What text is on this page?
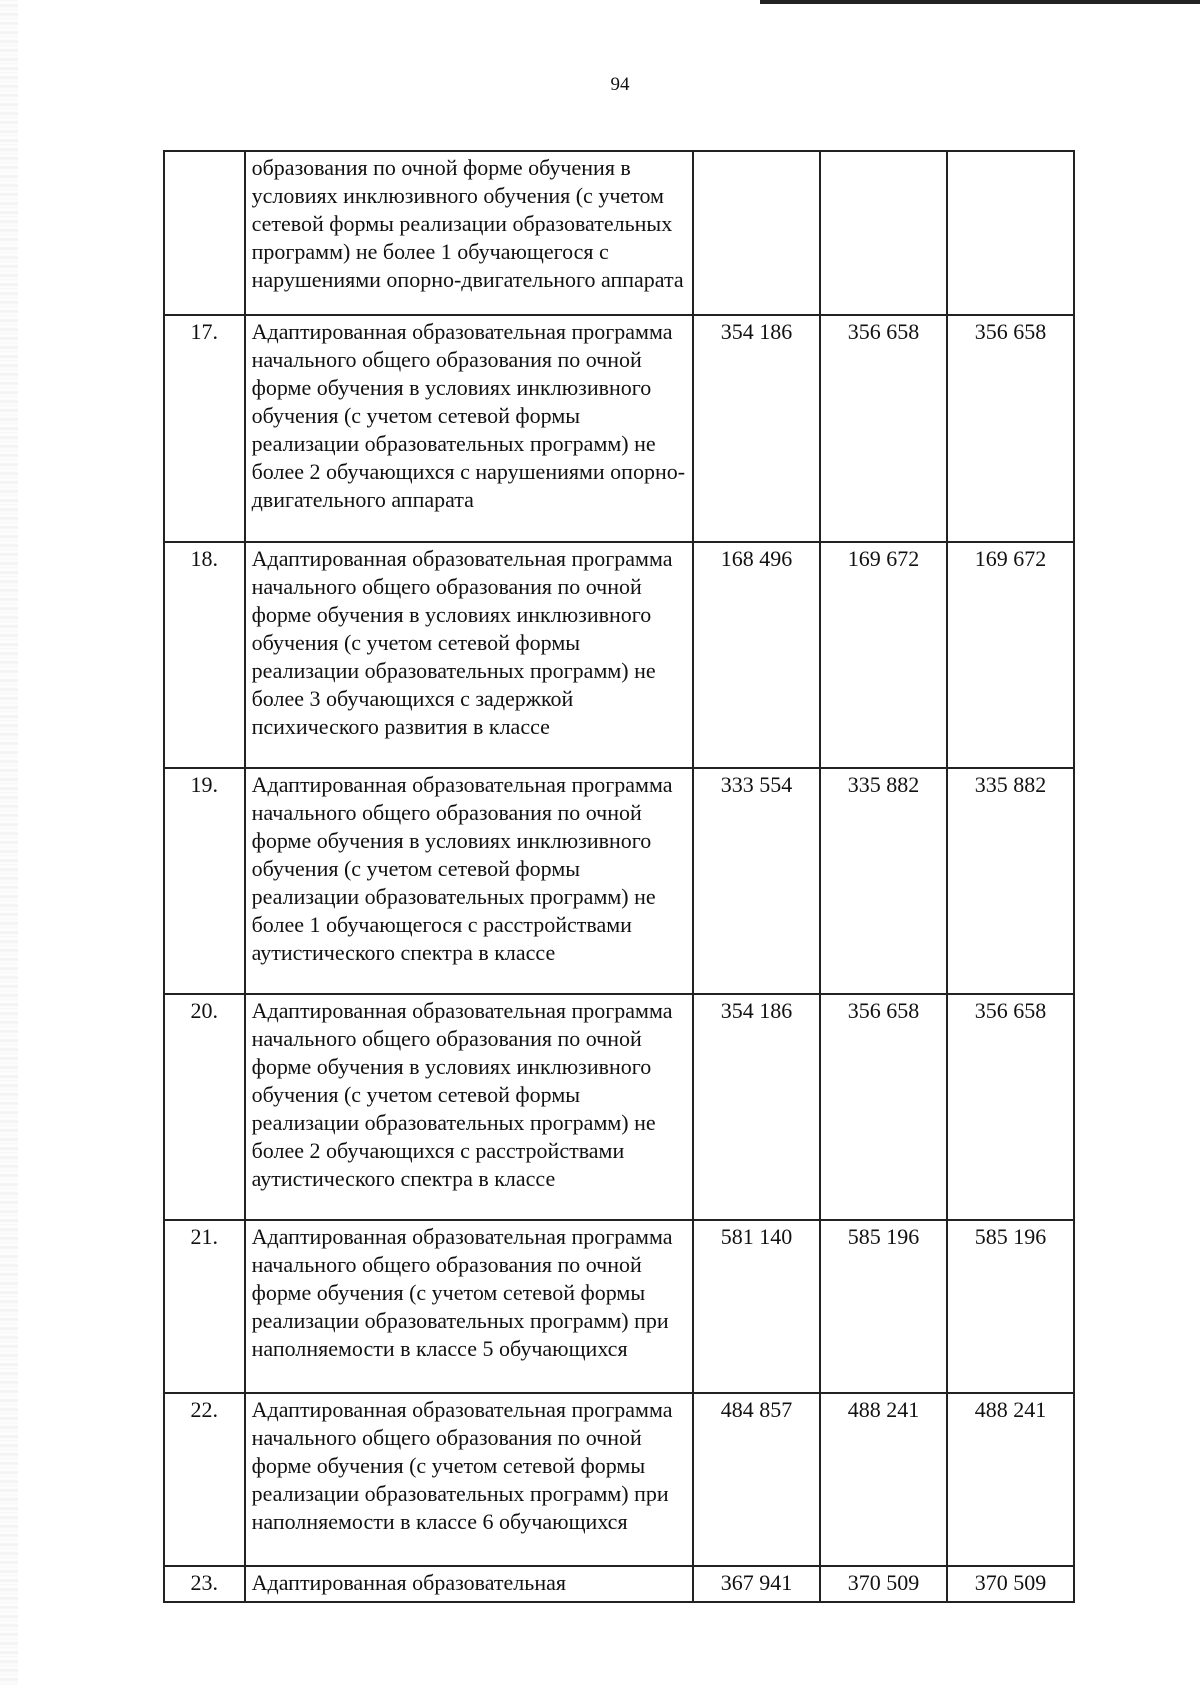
94
	образования по очной форме обучения в условиях инклюзивного обучения (с учетом сетевой формы реализации образовательных программ) не более 1 обучающегося с нарушениями опорно-двигательного аппарата			
17.	Адаптированная образовательная программа начального общего образования по очной форме обучения в условиях инклюзивного обучения (с учетом сетевой формы реализации образовательных программ) не более 2 обучающихся с нарушениями опорно-двигательного аппарата	354 186	356 658	356 658
18.	Адаптированная образовательная программа начального общего образования по очной форме обучения в условиях инклюзивного обучения (с учетом сетевой формы реализации образовательных программ) не более 3 обучающихся с задержкой психического развития в классе	168 496	169 672	169 672
19.	Адаптированная образовательная программа начального общего образования по очной форме обучения в условиях инклюзивного обучения (с учетом сетевой формы реализации образовательных программ) не более 1 обучающегося с расстройствами аутистического спектра в классе	333 554	335 882	335 882
20.	Адаптированная образовательная программа начального общего образования по очной форме обучения в условиях инклюзивного обучения (с учетом сетевой формы реализации образовательных программ) не более 2 обучающихся с расстройствами аутистического спектра в классе	354 186	356 658	356 658
21.	Адаптированная образовательная программа начального общего образования по очной форме обучения (с учетом сетевой формы реализации образовательных программ) при наполняемости в классе 5 обучающихся	581 140	585 196	585 196
22.	Адаптированная образовательная программа начального общего образования по очной форме обучения (с учетом сетевой формы реализации образовательных программ) при наполняемости в классе 6 обучающихся	484 857	488 241	488 241
23.	Адаптированная образовательная	367 941	370 509	370 509
